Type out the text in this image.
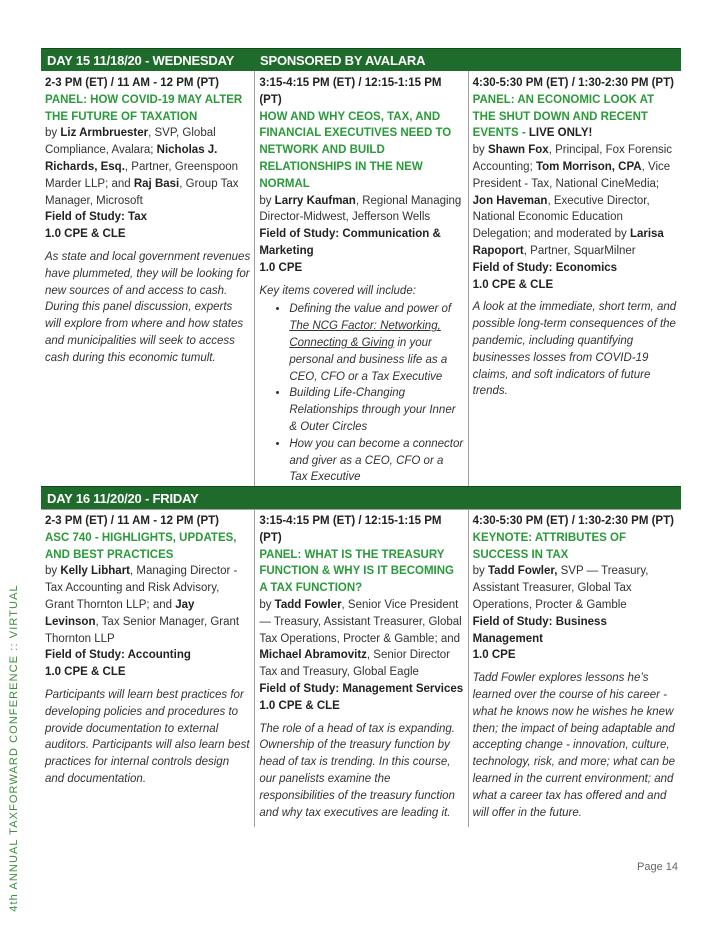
4th ANNUAL TAXFORWARD CONFERENCE :: VIRTUAL
DAY 15 11/18/20 - WEDNESDAY	SPONSORED BY AVALARA
2-3 PM (ET) / 11 AM - 12 PM (PT)
PANEL: HOW COVID-19 MAY ALTER THE FUTURE OF TAXATION
by Liz Armbruester, SVP, Global Compliance, Avalara; Nicholas J. Richards, Esq., Partner, Greenspoon Marder LLP; and Raj Basi, Group Tax Manager, Microsoft
Field of Study: Tax
1.0 CPE & CLE
As state and local government revenues have plummeted, they will be looking for new sources of and access to cash. During this panel discussion, experts will explore from where and how states and municipalities will seek to access cash during this economic tumult.
3:15-4:15 PM (ET) / 12:15-1:15 PM (PT)
HOW AND WHY CEOS, TAX, AND FINANCIAL EXECUTIVES NEED TO NETWORK AND BUILD RELATIONSHIPS IN THE NEW NORMAL
by Larry Kaufman, Regional Managing Director-Midwest, Jefferson Wells
Field of Study: Communication & Marketing
1.0 CPE
Key items covered will include:
• Defining the value and power of The NCG Factor: Networking, Connecting & Giving in your personal and business life as a CEO, CFO or a Tax Executive
• Building Life-Changing Relationships through your Inner & Outer Circles
• How you can become a connector and giver as a CEO, CFO or a Tax Executive
•
4:30-5:30 PM (ET) / 1:30-2:30 PM (PT)
PANEL: AN ECONOMIC LOOK AT THE SHUT DOWN AND RECENT EVENTS - LIVE ONLY!
by Shawn Fox, Principal, Fox Forensic Accounting; Tom Morrison, CPA, Vice President - Tax, National CineMedia; Jon Haveman, Executive Director, National Economic Education Delegation; and moderated by Larisa Rapoport, Partner, SquarMilner
Field of Study: Economics
1.0 CPE & CLE
A look at the immediate, short term, and possible long-term consequences of the pandemic, including quantifying businesses losses from COVID-19 claims, and soft indicators of future trends.
DAY 16 11/20/20 - FRIDAY
2-3 PM (ET) / 11 AM - 12 PM (PT)
ASC 740 - HIGHLIGHTS, UPDATES, AND BEST PRACTICES
by Kelly Libhart, Managing Director - Tax Accounting and Risk Advisory, Grant Thornton LLP; and Jay Levinson, Tax Senior Manager, Grant Thornton LLP
Field of Study: Accounting
1.0 CPE & CLE
Participants will learn best practices for developing policies and procedures to provide documentation to external auditors. Participants will also learn best practices for internal controls design and documentation.
3:15-4:15 PM (ET) / 12:15-1:15 PM (PT)
PANEL: WHAT IS THE TREASURY FUNCTION & WHY IS IT BECOMING A TAX FUNCTION?
by Tadd Fowler, Senior Vice President — Treasury, Assistant Treasurer, Global Tax Operations, Procter & Gamble; and Michael Abramovitz, Senior Director Tax and Treasury, Global Eagle
Field of Study: Management Services
1.0 CPE & CLE
The role of a head of tax is expanding. Ownership of the treasury function by head of tax is trending. In this course, our panelists examine the responsibilities of the treasury function and why tax executives are leading it.
4:30-5:30 PM (ET) / 1:30-2:30 PM (PT)
KEYNOTE: ATTRIBUTES OF SUCCESS IN TAX
by Tadd Fowler, SVP — Treasury, Assistant Treasurer, Global Tax Operations, Procter & Gamble
Field of Study: Business Management
1.0 CPE
Tadd Fowler explores lessons he’s learned over the course of his career - what he knows now he wishes he knew then; the impact of being adaptable and accepting change - innovation, culture, technology, risk, and more; what can be learned in the current environment; and what a career tax has offered and and will offer in the future.
Page 14
